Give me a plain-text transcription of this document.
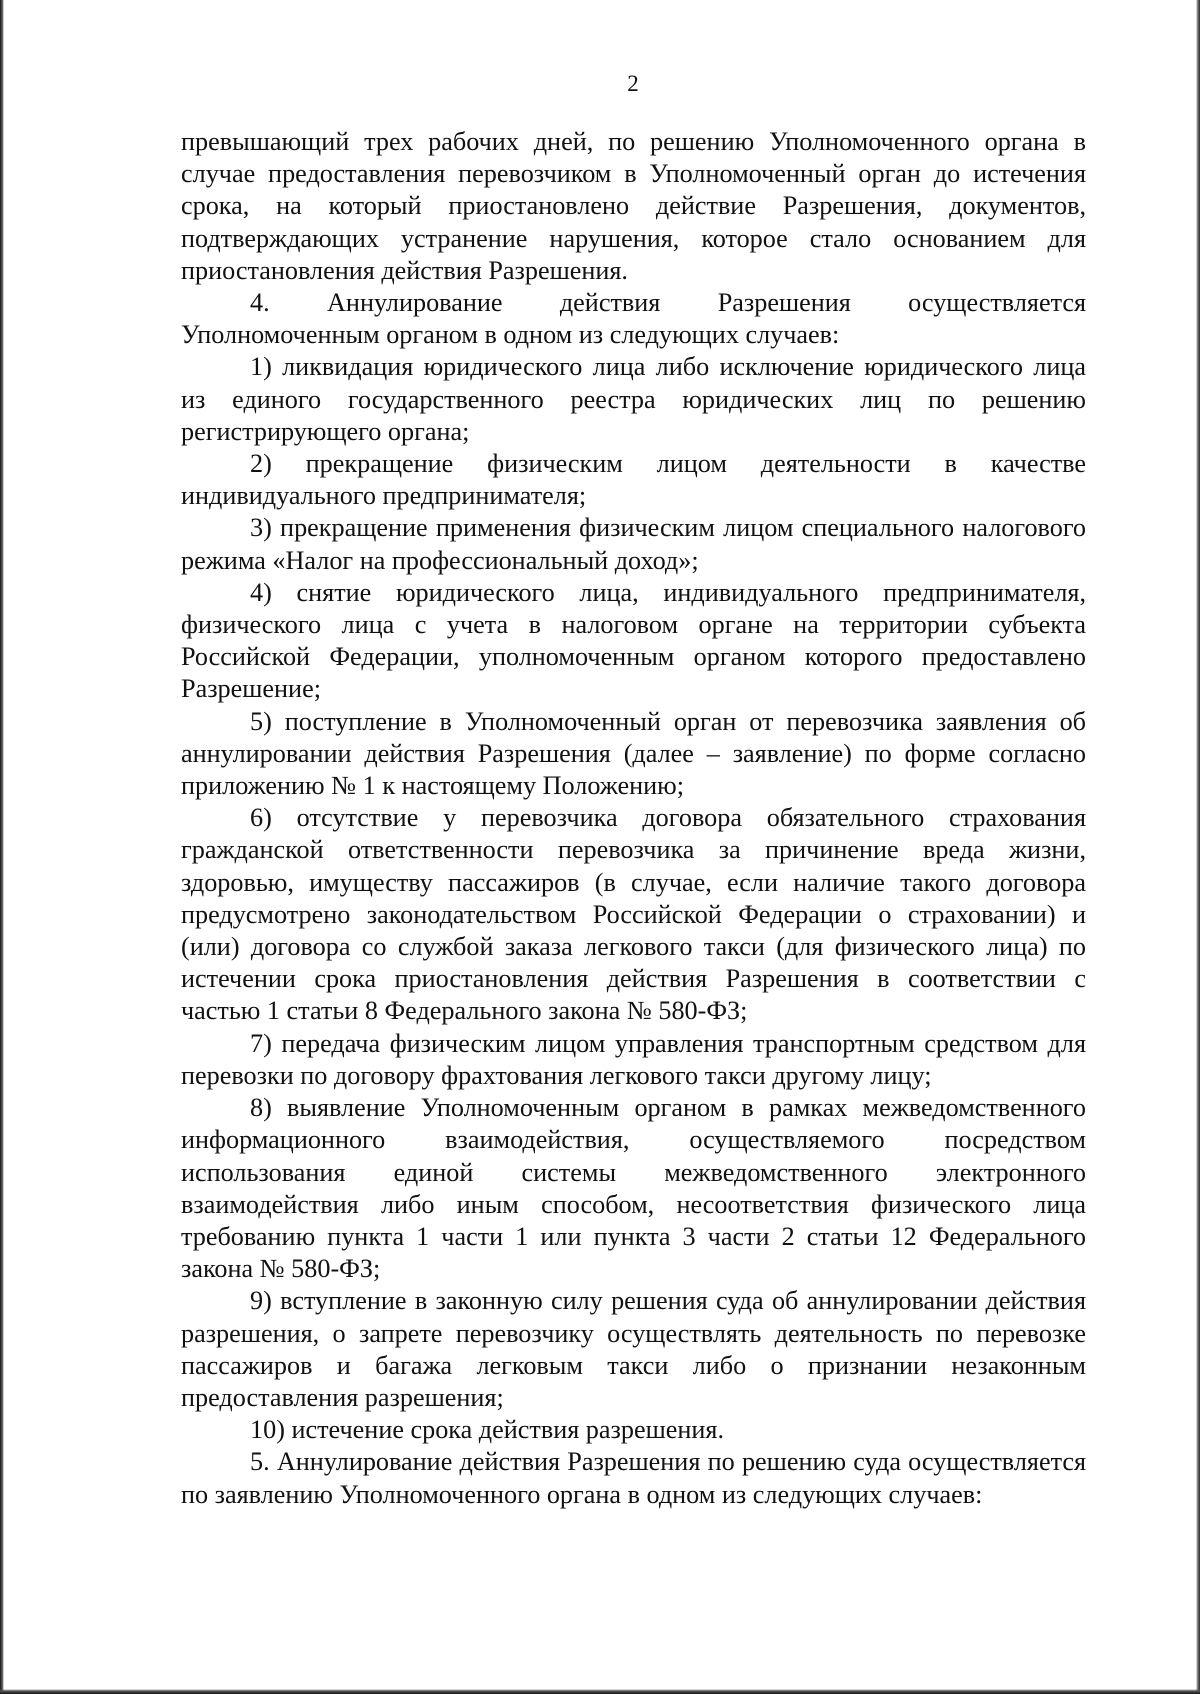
2

превышающий трех рабочих дней, по решению Уполномоченного органа в случае предоставления перевозчиком в Уполномоченный орган до истечения срока, на который приостановлено действие Разрешения, документов, подтверждающих устранение нарушения, которое стало основанием для приостановления действия Разрешения.

4. Аннулирование действия Разрешения осуществляется Уполномоченным органом в одном из следующих случаев:

1) ликвидация юридического лица либо исключение юридического лица из единого государственного реестра юридических лиц по решению регистрирующего органа;

2) прекращение физическим лицом деятельности в качестве индивидуального предпринимателя;

3) прекращение применения физическим лицом специального налогового режима «Налог на профессиональный доход»;

4) снятие юридического лица, индивидуального предпринимателя, физического лица с учета в налоговом органе на территории субъекта Российской Федерации, уполномоченным органом которого предоставлено Разрешение;

5) поступление в Уполномоченный орган от перевозчика заявления об аннулировании действия Разрешения (далее – заявление) по форме согласно приложению № 1 к настоящему Положению;

6) отсутствие у перевозчика договора обязательного страхования гражданской ответственности перевозчика за причинение вреда жизни, здоровью, имуществу пассажиров (в случае, если наличие такого договора предусмотрено законодательством Российской Федерации о страховании) и (или) договора со службой заказа легкового такси (для физического лица) по истечении срока приостановления действия Разрешения в соответствии с частью 1 статьи 8 Федерального закона № 580-ФЗ;

7) передача физическим лицом управления транспортным средством для перевозки по договору фрахтования легкового такси другому лицу;

8) выявление Уполномоченным органом в рамках межведомственного информационного взаимодействия, осуществляемого посредством использования единой системы межведомственного электронного взаимодействия либо иным способом, несоответствия физического лица требованию пункта 1 части 1 или пункта 3 части 2 статьи 12 Федерального закона № 580-ФЗ;

9) вступление в законную силу решения суда об аннулировании действия разрешения, о запрете перевозчику осуществлять деятельность по перевозке пассажиров и багажа легковым такси либо о признании незаконным предоставления разрешения;

10) истечение срока действия разрешения.

5. Аннулирование действия Разрешения по решению суда осуществляется по заявлению Уполномоченного органа в одном из следующих случаев:
